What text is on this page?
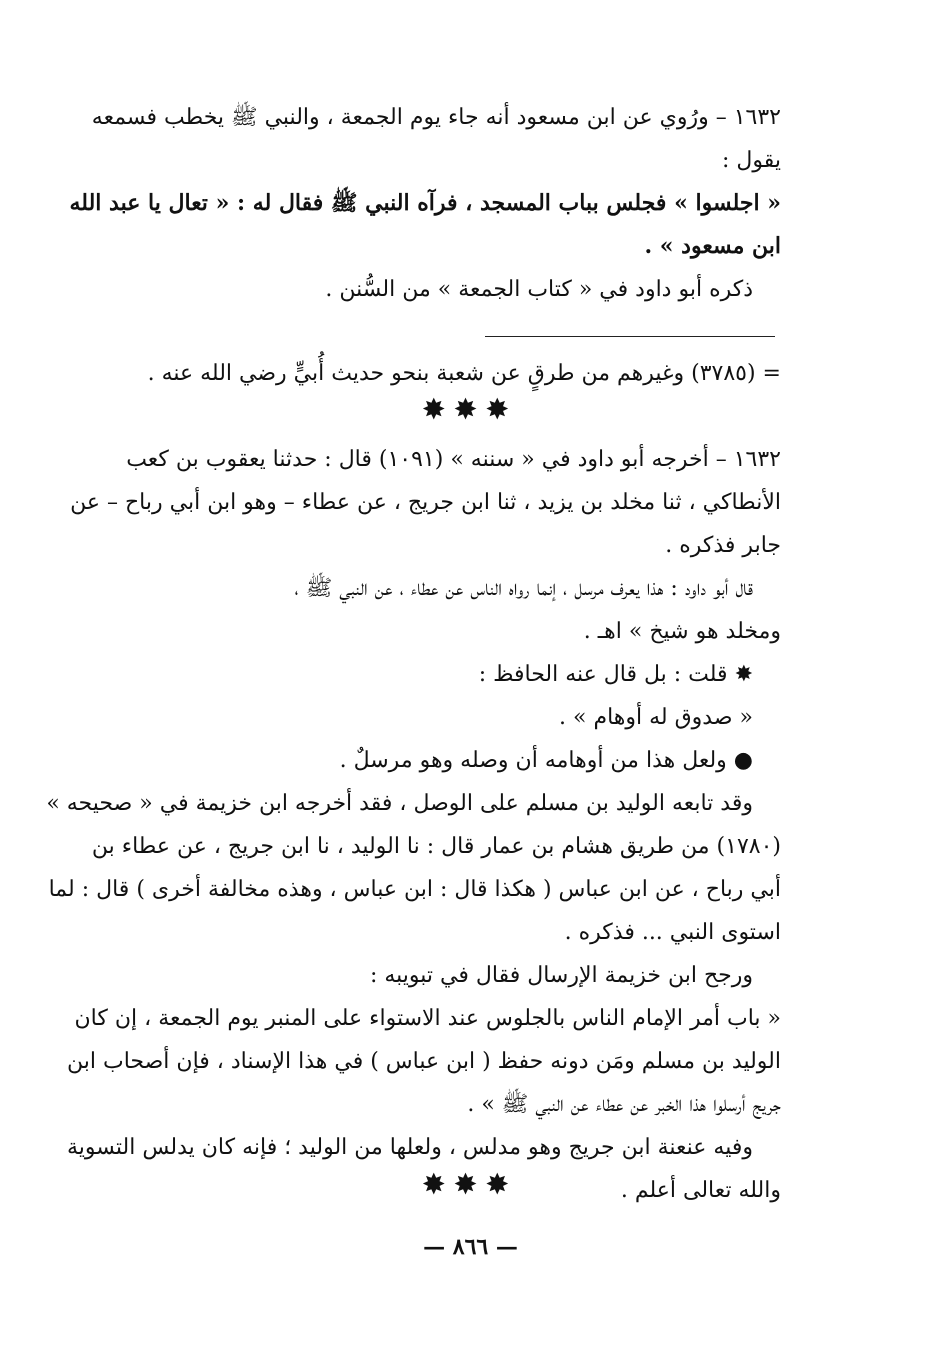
١٦٣٢ – ورُوي عن ابن مسعود أنه جاء يوم الجمعة ، والنبي ﷺ يخطب فسمعه
يقول :
« اجلسوا » فجلس بباب المسجد ، فرآه النبي ﷺ فقال له : « تعال يا عبد الله
ابن مسعود » .
ذكره أبو داود في « كتاب الجمعة » من السُّنن .
= (٣٧٨٥) وغيرهم من طرقٍ عن شعبة بنحو حديث أُبيٍّ رضي الله عنه .
✸✸✸
١٦٣٢ – أخرجه أبو داود في « سننه » (١٠٩١) قال : حدثنا يعقوب بن كعب
الأنطاكي ، ثنا مخلد بن يزيد ، ثنا ابن جريج ، عن عطاء – وهو ابن أبي رباح – عن
جابر فذكره .
قال أبو داود : هذا يعرف مرسل ، إنما رواه الناس عن عطاء ، عن النبي ﷺ ،
ومخلد هو شيخ » اهـ .
✸ قلت : بل قال عنه الحافظ :
« صدوق له أوهام » .
● ولعل هذا من أوهامه أن وصله وهو مرسلٌ .
وقد تابعه الوليد بن مسلم على الوصل ، فقد أخرجه ابن خزيمة في « صحيحه »
(١٧٨٠) من طريق هشام بن عمار قال : نا الوليد ، نا ابن جريج ، عن عطاء بن
أبي رباح ، عن ابن عباس ( هكذا قال : ابن عباس ، وهذه مخالفة أخرى ) قال : لما
استوى النبي ... فذكره .
ورجح ابن خزيمة الإرسال فقال في تبويبه :
« باب أمر الإمام الناس بالجلوس عند الاستواء على المنبر يوم الجمعة ، إن كان
الوليد بن مسلم ومَن دونه حفظ ( ابن عباس ) في هذا الإسناد ، فإن أصحاب ابن
جريج أرسلوا هذا الخبر عن عطاء عن النبي ﷺ » .
وفيه عنعنة ابن جريج وهو مدلس ، ولعلها من الوليد ؛ فإنه كان يدلس التسوية
والله تعالى أعلم .
✸✸✸
— ٨٦٦ —
